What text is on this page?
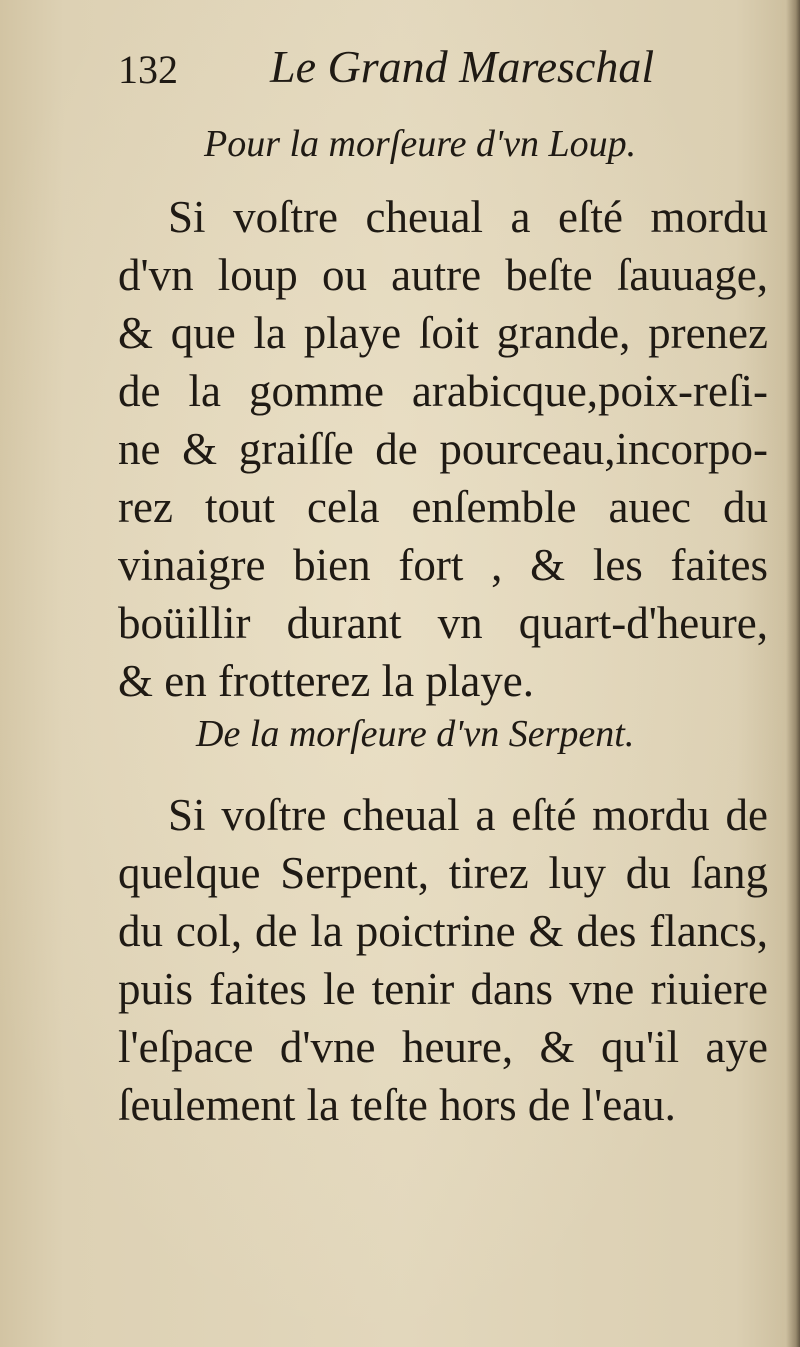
132 Le Grand Mareschal
Pour la morſeure d'vn Loup.
Si voſtre cheual a eſté mordu
d'vn loup ou autre beſte ſauuage,
& que la playe ſoit grande, prenez
de la gomme arabicque,poix-reſi-
ne & graiſſe de pourceau,incorpo-
rez tout cela enſemble auec du
vinaigre bien fort , & les faites
boüillir durant vn quart-d'heure,
& en frotterez la playe.
De la morſeure d'vn Serpent.
Si voſtre cheual a eſté mordu de
quelque Serpent, tirez luy du ſang
du col, de la poictrine & des flancs,
puis faites le tenir dans vne riuiere
l'eſpace d'vne heure, & qu'il aye
ſeulement la teſte hors de l'eau.
